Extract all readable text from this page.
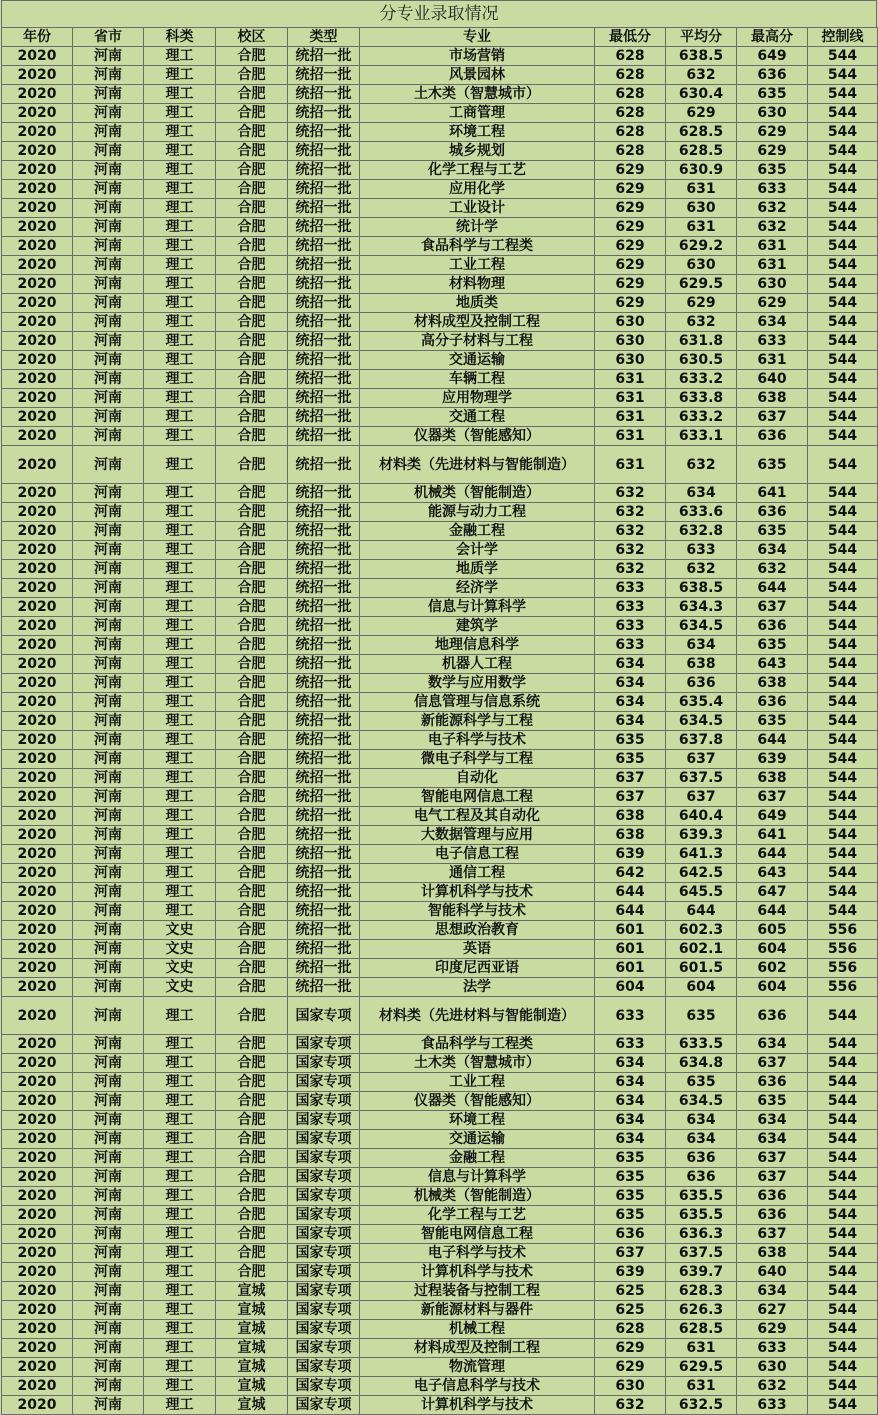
分专业录取情况
年份	省市	科类	校区	类型	专业	最低分	平均分	最高分	控制线
2020	河南	理工	合肥	统招一批	市场营销	628	638.5	649	544
2020	河南	理工	合肥	统招一批	风景园林	628	632	636	544
2020	河南	理工	合肥	统招一批	土木类（智慧城市）	628	630.4	635	544
2020	河南	理工	合肥	统招一批	工商管理	628	629	630	544
2020	河南	理工	合肥	统招一批	环境工程	628	628.5	629	544
2020	河南	理工	合肥	统招一批	城乡规划	628	628.5	629	544
2020	河南	理工	合肥	统招一批	化学工程与工艺	629	630.9	635	544
2020	河南	理工	合肥	统招一批	应用化学	629	631	633	544
2020	河南	理工	合肥	统招一批	工业设计	629	630	632	544
2020	河南	理工	合肥	统招一批	统计学	629	631	632	544
2020	河南	理工	合肥	统招一批	食品科学与工程类	629	629.2	631	544
2020	河南	理工	合肥	统招一批	工业工程	629	630	631	544
2020	河南	理工	合肥	统招一批	材料物理	629	629.5	630	544
2020	河南	理工	合肥	统招一批	地质类	629	629	629	544
2020	河南	理工	合肥	统招一批	材料成型及控制工程	630	632	634	544
2020	河南	理工	合肥	统招一批	高分子材料与工程	630	631.8	633	544
2020	河南	理工	合肥	统招一批	交通运输	630	630.5	631	544
2020	河南	理工	合肥	统招一批	车辆工程	631	633.2	640	544
2020	河南	理工	合肥	统招一批	应用物理学	631	633.8	638	544
2020	河南	理工	合肥	统招一批	交通工程	631	633.2	637	544
2020	河南	理工	合肥	统招一批	仪器类（智能感知）	631	633.1	636	544
2020	河南	理工	合肥	统招一批	材料类（先进材料与智能制造）	631	632	635	544
2020	河南	理工	合肥	统招一批	机械类（智能制造）	632	634	641	544
2020	河南	理工	合肥	统招一批	能源与动力工程	632	633.6	636	544
2020	河南	理工	合肥	统招一批	金融工程	632	632.8	635	544
2020	河南	理工	合肥	统招一批	会计学	632	633	634	544
2020	河南	理工	合肥	统招一批	地质学	632	632	632	544
2020	河南	理工	合肥	统招一批	经济学	633	638.5	644	544
2020	河南	理工	合肥	统招一批	信息与计算科学	633	634.3	637	544
2020	河南	理工	合肥	统招一批	建筑学	633	634.5	636	544
2020	河南	理工	合肥	统招一批	地理信息科学	633	634	635	544
2020	河南	理工	合肥	统招一批	机器人工程	634	638	643	544
2020	河南	理工	合肥	统招一批	数学与应用数学	634	636	638	544
2020	河南	理工	合肥	统招一批	信息管理与信息系统	634	635.4	636	544
2020	河南	理工	合肥	统招一批	新能源科学与工程	634	634.5	635	544
2020	河南	理工	合肥	统招一批	电子科学与技术	635	637.8	644	544
2020	河南	理工	合肥	统招一批	微电子科学与工程	635	637	639	544
2020	河南	理工	合肥	统招一批	自动化	637	637.5	638	544
2020	河南	理工	合肥	统招一批	智能电网信息工程	637	637	637	544
2020	河南	理工	合肥	统招一批	电气工程及其自动化	638	640.4	649	544
2020	河南	理工	合肥	统招一批	大数据管理与应用	638	639.3	641	544
2020	河南	理工	合肥	统招一批	电子信息工程	639	641.3	644	544
2020	河南	理工	合肥	统招一批	通信工程	642	642.5	643	544
2020	河南	理工	合肥	统招一批	计算机科学与技术	644	645.5	647	544
2020	河南	理工	合肥	统招一批	智能科学与技术	644	644	644	544
2020	河南	文史	合肥	统招一批	思想政治教育	601	602.3	605	556
2020	河南	文史	合肥	统招一批	英语	601	602.1	604	556
2020	河南	文史	合肥	统招一批	印度尼西亚语	601	601.5	602	556
2020	河南	文史	合肥	统招一批	法学	604	604	604	556
2020	河南	理工	合肥	国家专项	材料类（先进材料与智能制造）	633	635	636	544
2020	河南	理工	合肥	国家专项	食品科学与工程类	633	633.5	634	544
2020	河南	理工	合肥	国家专项	土木类（智慧城市）	634	634.8	637	544
2020	河南	理工	合肥	国家专项	工业工程	634	635	636	544
2020	河南	理工	合肥	国家专项	仪器类（智能感知）	634	634.5	635	544
2020	河南	理工	合肥	国家专项	环境工程	634	634	634	544
2020	河南	理工	合肥	国家专项	交通运输	634	634	634	544
2020	河南	理工	合肥	国家专项	金融工程	635	636	637	544
2020	河南	理工	合肥	国家专项	信息与计算科学	635	636	637	544
2020	河南	理工	合肥	国家专项	机械类（智能制造）	635	635.5	636	544
2020	河南	理工	合肥	国家专项	化学工程与工艺	635	635.5	636	544
2020	河南	理工	合肥	国家专项	智能电网信息工程	636	636.3	637	544
2020	河南	理工	合肥	国家专项	电子科学与技术	637	637.5	638	544
2020	河南	理工	合肥	国家专项	计算机科学与技术	639	639.7	640	544
2020	河南	理工	宣城	国家专项	过程装备与控制工程	625	628.3	634	544
2020	河南	理工	宣城	国家专项	新能源材料与器件	625	626.3	627	544
2020	河南	理工	宣城	国家专项	机械工程	628	628.5	629	544
2020	河南	理工	宣城	国家专项	材料成型及控制工程	629	631	633	544
2020	河南	理工	宣城	国家专项	物流管理	629	629.5	630	544
2020	河南	理工	宣城	国家专项	电子信息科学与技术	630	631	632	544
2020	河南	理工	宣城	国家专项	计算机科学与技术	632	632.5	633	544
